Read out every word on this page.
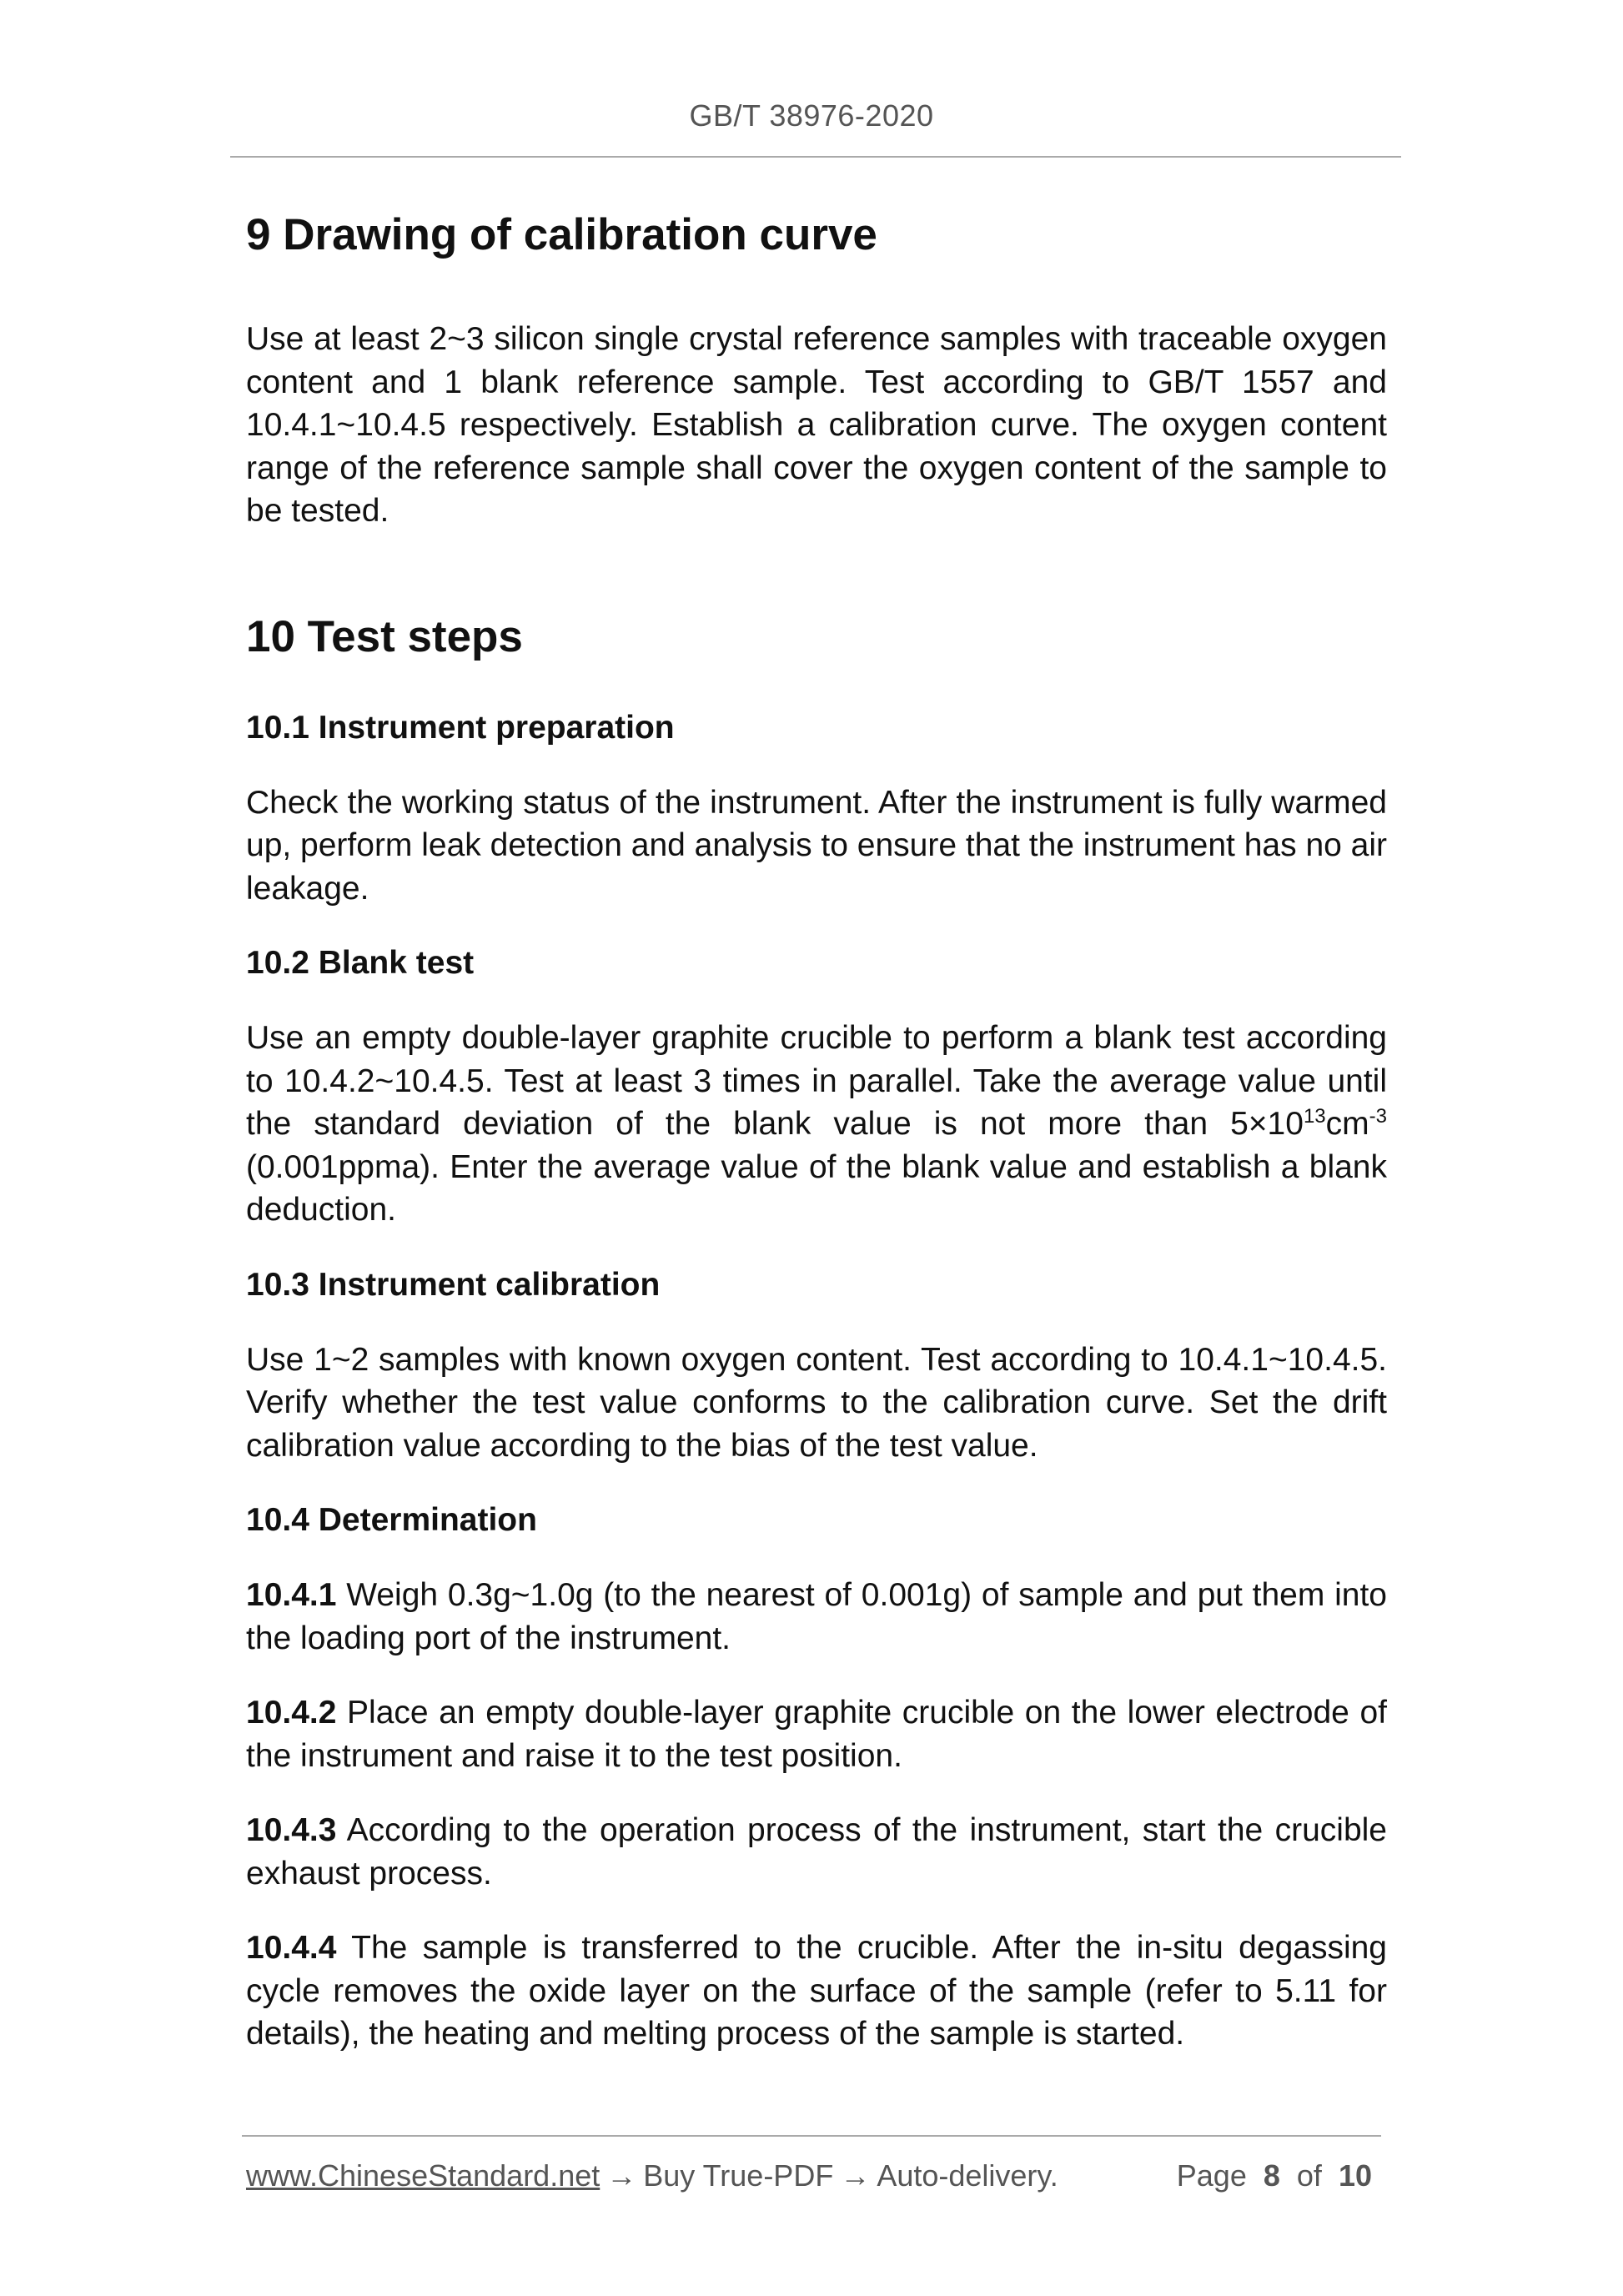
GB/T 38976-2020
9 Drawing of calibration curve

Use at least 2~3 silicon single crystal reference samples with traceable oxygen content and 1 blank reference sample. Test according to GB/T 1557 and 10.4.1~10.4.5 respectively. Establish a calibration curve. The oxygen content range of the reference sample shall cover the oxygen content of the sample to be tested.

10 Test steps
10.1 Instrument preparation

Check the working status of the instrument. After the instrument is fully warmed up, perform leak detection and analysis to ensure that the instrument has no air leakage.

10.2 Blank test

Use an empty double-layer graphite crucible to perform a blank test according to 10.4.2~10.4.5. Test at least 3 times in parallel. Take the average value until the standard deviation of the blank value is not more than $5\times 10^{13}cm^{-3}$ (0.001ppma). Enter the average value of the blank value and establish a blank deduction.

10.3 Instrument calibration

Use 1~2 samples with known oxygen content. Test according to 10.4.1~10.4.5. Verify whether the test value conforms to the calibration curve. Set the drift calibration value according to the bias of the test value.

10.4 Determination

10.4.1 Weigh 0.3g~1.0g (to the nearest of 0.001g) of sample and put them into the loading port of the instrument.

10.4.2 Place an empty double-layer graphite crucible on the lower electrode of the instrument and raise it to the test position.

10.4.3 According to the operation process of the instrument, start the crucible exhaust process.

10.4.4 The sample is transferred to the crucible. After the in-situ degassing cycle removes the oxide layer on the surface of the sample (refer to 5.11 for details), the heating and melting process of the sample is started.

www.ChineseStandard.net → Buy True-PDF → Auto-delivery.	Page 8 of 10
